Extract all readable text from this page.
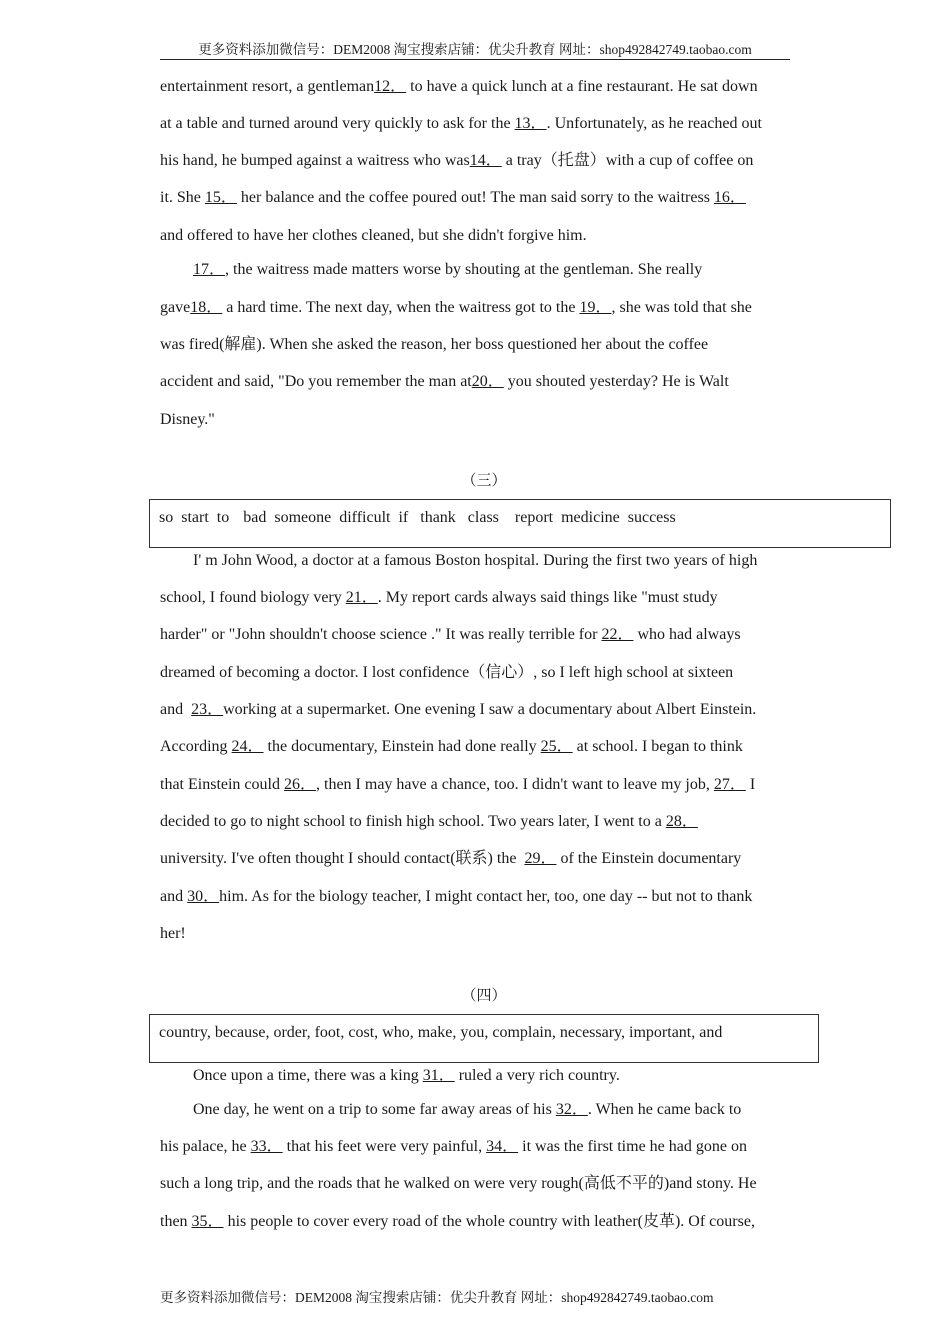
更多资料添加微信号：DEM2008 淘宝搜索店铺：优尖升教育 网址：shop492842749.taobao.com
entertainment resort, a gentleman12． to have a quick lunch at a fine restaurant. He sat down
at a table and turned around very quickly to ask for the 13．. Unfortunately, as he reached out
his hand, he bumped against a waitress who was14． a tray（托盘）with a cup of coffee on
it. She 15． her balance and the coffee poured out! The man said sorry to the waitress 16．
and offered to have her clothes cleaned, but she didn't forgive him.
17．, the waitress made matters worse by shouting at the gentleman. She really
gave18． a hard time. The next day, when the waitress got to the 19．, she was told that she
was fired(解雇). When she asked the reason, her boss questioned her about the coffee
accident and said, "Do you remember the man at20． you shouted yesterday? He is Walt
Disney."
（三）
so start to bad someone difficult if thank class report medicine success
I' m John Wood, a doctor at a famous Boston hospital. During the first two years of high
school, I found biology very 21．. My report cards always said things like "must study
harder" or "John shouldn't choose science ." It was really terrible for 22． who had always
dreamed of becoming a doctor. I lost confidence（信心）, so I left high school at sixteen
and  23．working at a supermarket. One evening I saw a documentary about Albert Einstein.
According 24． the documentary, Einstein had done really 25． at school. I began to think
that Einstein could 26．, then I may have a chance, too. I didn't want to leave my job, 27． I
decided to go to night school to finish high school. Two years later, I went to a 28．
university. I've often thought I should contact(联系) the  29． of the Einstein documentary
and 30．him. As for the biology teacher, I might contact her, too, one day -- but not to thank
her!
（四）
country, because, order, foot, cost, who, make, you, complain, necessary, important, and
Once upon a time, there was a king 31． ruled a very rich country.
One day, he went on a trip to some far away areas of his 32．. When he came back to
his palace, he 33． that his feet were very painful, 34． it was the first time he had gone on
such a long trip, and the roads that he walked on were very rough(高低不平的)and stony. He
then 35． his people to cover every road of the whole country with leather(皮革). Of course,
更多资料添加微信号：DEM2008 淘宝搜索店铺：优尖升教育 网址：shop492842749.taobao.com
